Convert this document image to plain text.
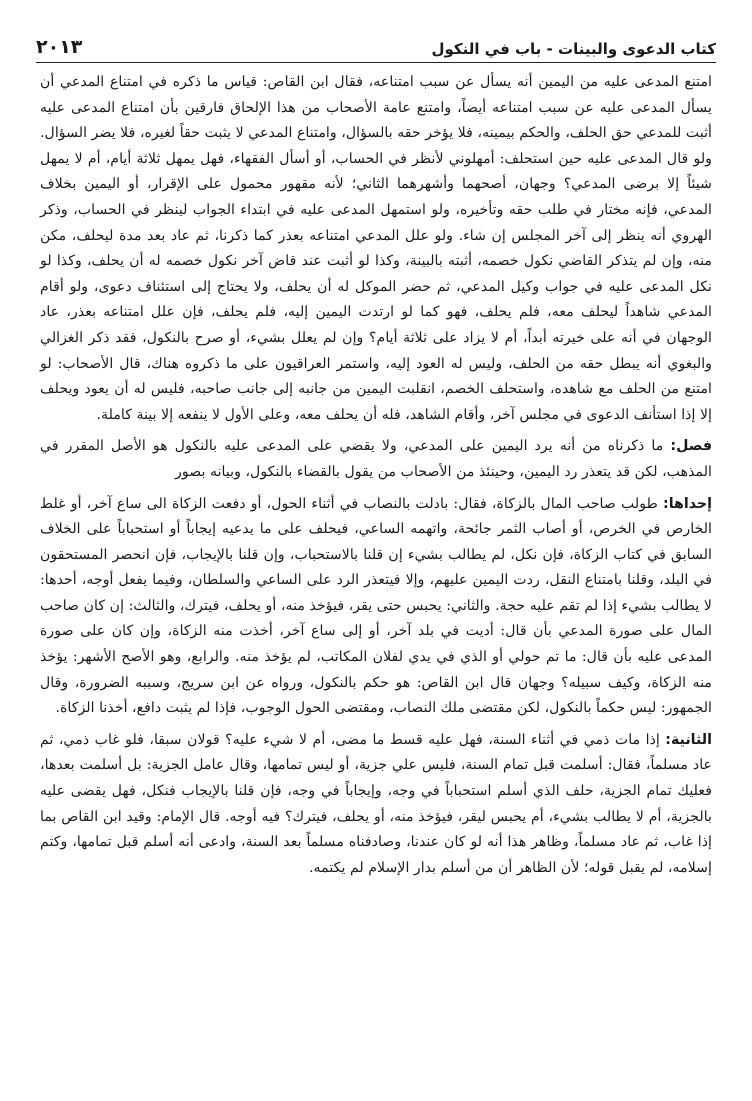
كتاب الدعوى والبينات - باب في النكول
٢٠١٣

امتنع المدعى عليه من اليمين أنه يسأل عن سبب امتناعه، فقال ابن القاص: قياس ما ذكره في امتناع المدعي أن يسأل المدعى عليه عن سبب امتناعه أيضاً، وامتنع عامة الأصحاب من هذا الإلحاق فارقين بأن امتناع المدعى عليه أثبت للمدعي حق الحلف، والحكم بيمينه، فلا يؤخر حقه بالسؤال، وامتناع المدعي لا يثبت حقاً لغيره، فلا يضر السؤال. ولو قال المدعى عليه حين استحلف: أمهلوني لأنظر في الحساب، أو أسأل الفقهاء، فهل يمهل ثلاثة أيام، أم لا يمهل شيئاً إلا برضى المدعي؟ وجهان، أصحهما وأشهرهما الثاني؛ لأنه مقهور محمول على الإقرار، أو اليمين بخلاف المدعي، فإنه مختار في طلب حقه وتأخيره، ولو استمهل المدعى عليه في ابتداء الجواب لينظر في الحساب، وذكر الهروي أنه ينظر إلى آخر المجلس إن شاء. ولو علل المدعي امتناعه بعذر كما ذكرنا، ثم عاد بعد مدة ليحلف، مكن منه، وإن لم يتذكر القاضي نكول خصمه، أثبته بالبينة، وكذا لو أثبت عند قاض آخر نكول خصمه له أن يحلف، وكذا لو نكل المدعى عليه في جواب وكيل المدعي، ثم حضر الموكل له أن يحلف، ولا يحتاج إلى استئناف دعوى، ولو أقام المدعي شاهداً ليحلف معه، فلم يحلف، فهو كما لو ارتدت اليمين إليه، فلم يحلف، فإن علل امتناعه بعذر، عاد الوجهان في أنه على خيرته أبداً، أم لا يزاد على ثلاثة أيام؟ وإن لم يعلل بشيء، أو صرح بالنكول، فقد ذكر الغزالي والبغوي أنه يبطل حقه من الحلف، وليس له العود إليه، واستمر العراقيون على ما ذكروه هناك، قال الأصحاب: لو امتنع من الحلف مع شاهده، واستحلف الخصم، انقلبت اليمين من جانبه إلى جانب صاحبه، فليس له أن يعود ويحلف إلا إذا استأنف الدعوى في مجلس آخر، وأقام الشاهد، فله أن يحلف معه، وعلى الأول لا ينفعه إلا بينة كاملة.

فصل: ما ذكرناه من أنه يرد اليمين على المدعي، ولا يقضي على المدعى عليه بالنكول هو الأصل المقرر في المذهب، لكن قد يتعذر رد اليمين، وحينئذ من الأصحاب من يقول بالقضاء بالنكول، وبيانه بصور

إحداها: طولب صاحب المال بالزكاة، فقال: بادلت بالنصاب في أثناء الحول، أو دفعت الزكاة الى ساع آخر، أو غلط الخارص في الخرص، أو أصاب الثمر جائحة، واتهمه الساعي، فيحلف على ما يدعيه إيجاباً أو استحباباً على الخلاف السابق في كتاب الزكاة، فإن نكل، لم يطالب بشيء إن قلنا بالاستحباب، وإن قلنا بالإيجاب، فإن انحصر المستحقون في البلد، وقلنا بامتناع النقل، ردت اليمين عليهم، وإلا فيتعذر الرد على الساعي والسلطان، وفيما يفعل أوجه، أحدها: لا يطالب بشيء إذا لم تقم عليه حجة. والثاني: يحبس حتى يقر، فيؤخذ منه، أو يحلف، فيترك، والثالث: إن كان صاحب المال على صورة المدعي بأن قال: أديت في بلد آخر، أو إلى ساع آخر، أخذت منه الزكاة، وإن كان على صورة المدعى عليه بأن قال: ما تم حولي أو الذي في يدي لفلان المكاتب، لم يؤخذ منه. والرابع، وهو الأصح الأشهر: يؤخذ منه الزكاة، وكيف سبيله؟ وجهان قال ابن القاص: هو حكم بالنكول، ورواه عن ابن سريج، وسببه الضرورة، وقال الجمهور: ليس حكماً بالنكول، لكن مقتضى ملك النصاب، ومقتضى الحول الوجوب، فإذا لم يثبت دافع، أخذنا الزكاة.

الثانية: إذا مات ذمي في أثناء السنة، فهل عليه قسط ما مضى، أم لا شيء عليه؟ قولان سبقا، فلو غاب ذمي، ثم عاد مسلماً، فقال: أسلمت قبل تمام السنة، فليس علي جزية، أو ليس تمامها، وقال عامل الجزية: بل أسلمت بعدها، فعليك تمام الجزية، حلف الذي أسلم استحباباً في وجه، وإيجاباً في وجه، فإن قلنا بالإيجاب فنكل، فهل يقضى عليه بالجزية، أم لا يطالب بشيء، أم يحبس ليقر، فيؤخذ منه، أو يحلف، فيترك؟ فيه أوجه. قال الإمام: وقيد ابن القاص بما إذا غاب، ثم عاد مسلماً، وظاهر هذا أنه لو كان عندنا، وصادفناه مسلماً بعد السنة، وادعى أنه أسلم قبل تمامها، وكتم إسلامه، لم يقبل قوله؛ لأن الظاهر أن من أسلم بدار الإسلام لم يكتمه.
